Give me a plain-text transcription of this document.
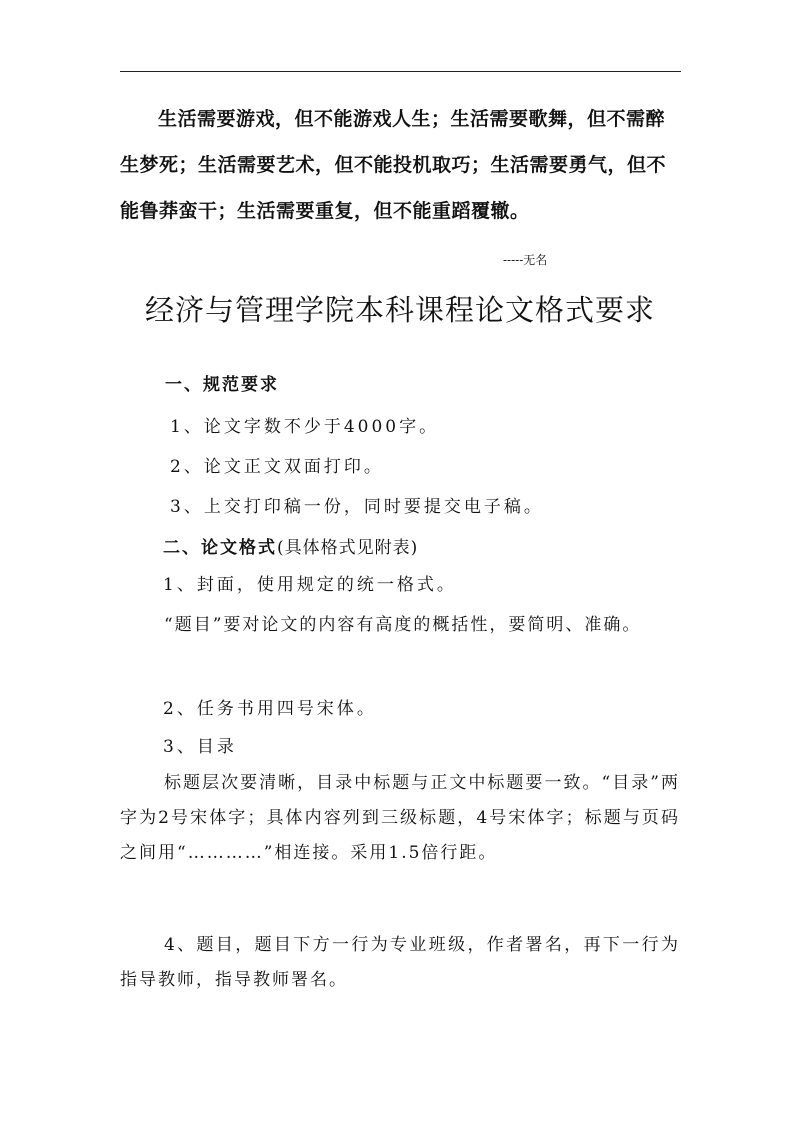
生活需要游戏，但不能游戏人生；生活需要歌舞，但不需醉生梦死；生活需要艺术，但不能投机取巧；生活需要勇气，但不能鲁莽蛮干；生活需要重复，但不能重蹈覆辙。

-----无名
经济与管理学院本科课程论文格式要求
一、规范要求
1、论文字数不少于4000字。
2、论文正文双面打印。
3、上交打印稿一份，同时要提交电子稿。
二、论文格式(具体格式见附表)
1、封面，使用规定的统一格式。

“题目”要对论文的内容有高度的概括性，要简明、准确。

2、任务书用四号宋体。
3、目录

标题层次要清晰，目录中标题与正文中标题要一致。“目录”两字为2号宋体字；具体内容列到三级标题，4号宋体字；标题与页码之间用“…………”相连接。采用1.5倍行距。

4、题目，题目下方一行为专业班级，作者署名，再下一行为指导教师，指导教师署名。
